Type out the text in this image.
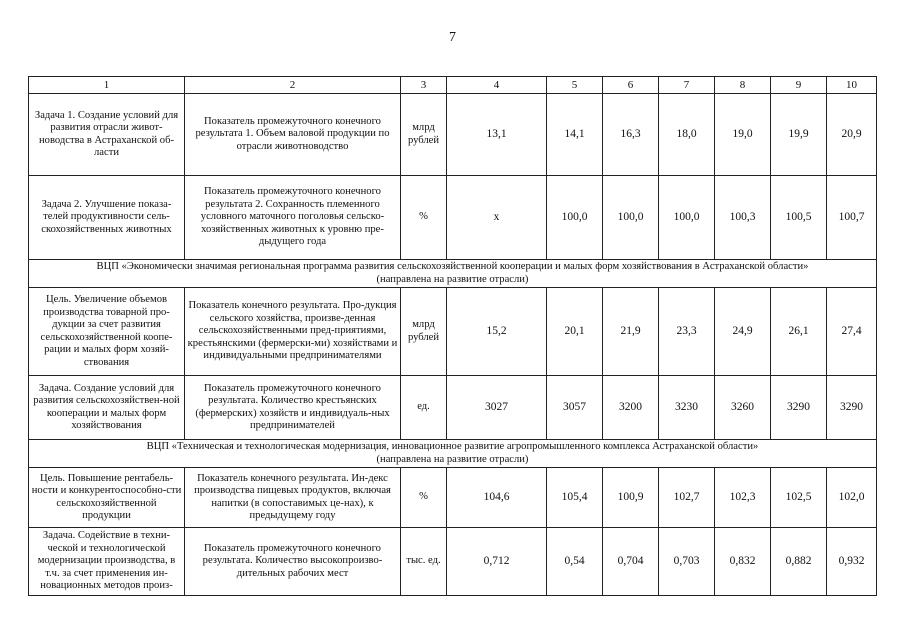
7
1	2	3	4	5	6	7	8	9	10
Задача 1. Создание условий для развития отрасли живот-новодства в Астраханской об-ласти	Показатель промежуточного конечного результата 1. Объем валовой продукции по отрасли животноводство	млрд рублей	13,1	14,1	16,3	18,0	19,0	19,9	20,9
Задача 2. Улучшение показа-телей продуктивности сель-скохозяйственных животных	Показатель промежуточного конечного результата 2. Сохранность племенного условного маточного поголовья сельско-хозяйственных животных к уровню пре-дыдущего года	%	х	100,0	100,0	100,0	100,3	100,5	100,7

ВЦП «Экономически значимая региональная программа развития сельскохозяйственной кооперации и малых форм хозяйствования в Астраханской области»
(направлена на развитие отрасли)									

Цель. Увеличение объемов производства товарной про-дукции за счет развития сельскохозяйственной коопе-рации и малых форм хозяй-ствования	Показатель конечного результата. Про-дукция сельского хозяйства, произве-денная сельскохозяйственными пред-приятиями, крестьянскими (фермерски-ми) хозяйствами и индивидуальными предпринимателями	млрд рублей	15,2	20,1	21,9	23,3	24,9	26,1	27,4
Задача. Создание условий для развития сельскохозяйствен-ной кооперации и малых форм хозяйствования	Показатель промежуточного конечного результата. Количество крестьянских (фермерских) хозяйств и индивидуаль-ных предпринимателей	ед.	3027	3057	3200	3230	3260	3290	3290

ВЦП «Техническая и технологическая модернизация, инновационное развитие агропромышленного комплекса Астраханской области»
(направлена на развитие отрасли)									

Цель. Повышение рентабель-ности и конкурентоспособно-сти сельскохозяйственной продукции	Показатель конечного результата. Ин-декс производства пищевых продуктов, включая напитки (в сопоставимых це-нах), к предыдущему году	%	104,6	105,4	100,9	102,7	102,3	102,5	102,0
Задача. Содействие в техни-ческой и технологической модернизации производства, в т.ч. за счет применения ин-новационных методов произ-	Показатель промежуточного конечного результата. Количество высокопроизво-дительных рабочих мест	тыс. ед.	0,712	0,54	0,704	0,703	0,832	0,882	0,932
